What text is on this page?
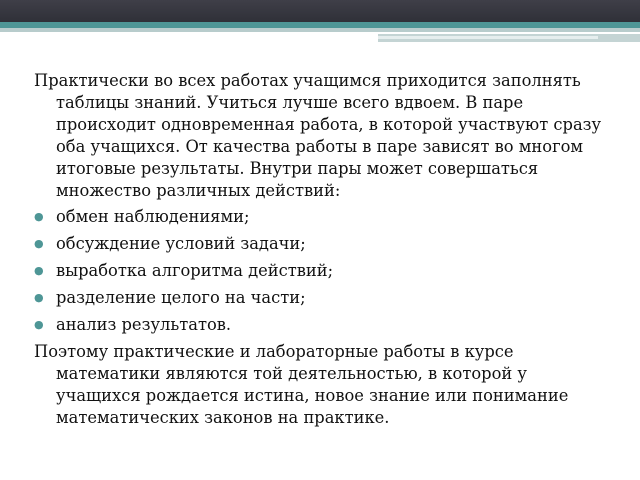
Практически во всех работах учащимся приходится заполнять таблицы знаний. Учиться лучше всего вдвоем. В паре происходит одновременная работа, в которой участвуют сразу оба учащихся. От качества работы в паре зависят во многом итоговые результаты. Внутри пары может совершаться множество различных действий:

● обмен наблюдениями;
● обсуждение условий задачи;
● выработка алгоритма действий;
● разделение целого на части;
● анализ результатов.

Поэтому практические и лабораторные работы в курсе математики являются той деятельностью, в которой у учащихся рождается истина, новое знание или понимание математических законов на практике.
